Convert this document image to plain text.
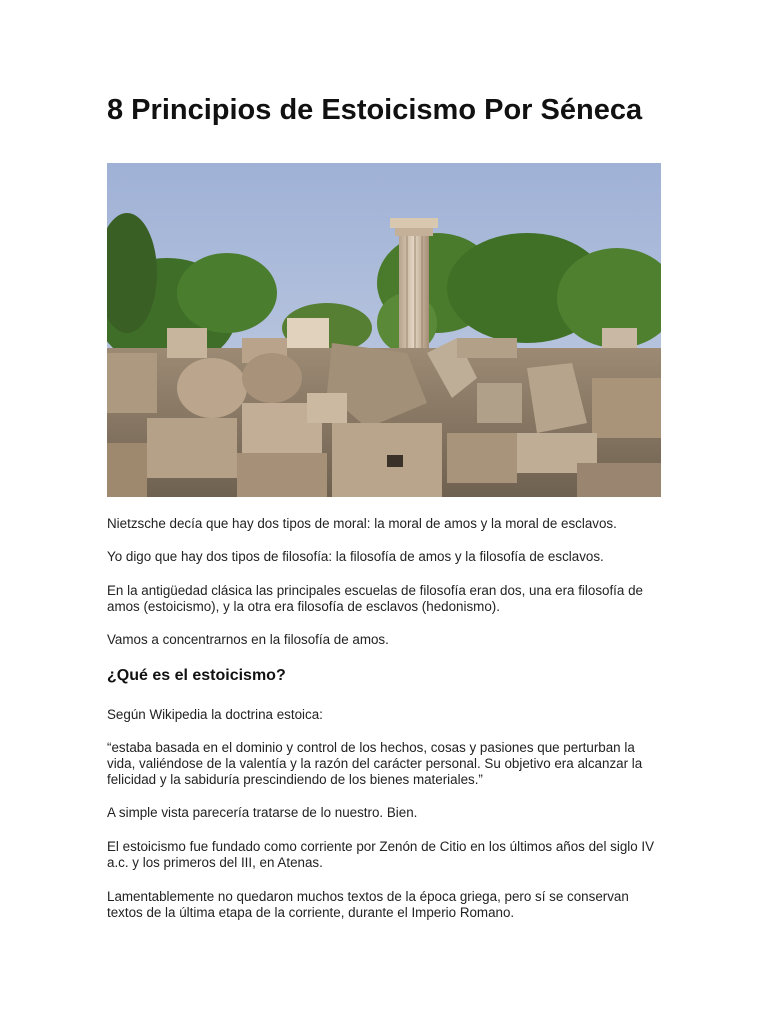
8 Principios de Estoicismo Por Séneca

Nietzsche decía que hay dos tipos de moral: la moral de amos y la moral de esclavos.

Yo digo que hay dos tipos de filosofía: la filosofía de amos y la filosofía de esclavos.

En la antigüedad clásica las principales escuelas de filosofía eran dos, una era filosofía de amos (estoicismo), y la otra era filosofía de esclavos (hedonismo).

Vamos a concentrarnos en la filosofía de amos.

¿Qué es el estoicismo?

Según Wikipedia la doctrina estoica:

“estaba basada en el dominio y control de los hechos, cosas y pasiones que perturban la vida, valiéndose de la valentía y la razón del carácter personal. Su objetivo era alcanzar la felicidad y la sabiduría prescindiendo de los bienes materiales.”

A simple vista parecería tratarse de lo nuestro. Bien.

El estoicismo fue fundado como corriente por Zenón de Citio en los últimos años del siglo IV a.c. y los primeros del III, en Atenas.

Lamentablemente no quedaron muchos textos de la época griega, pero sí se conservan textos de la última etapa de la corriente, durante el Imperio Romano.
